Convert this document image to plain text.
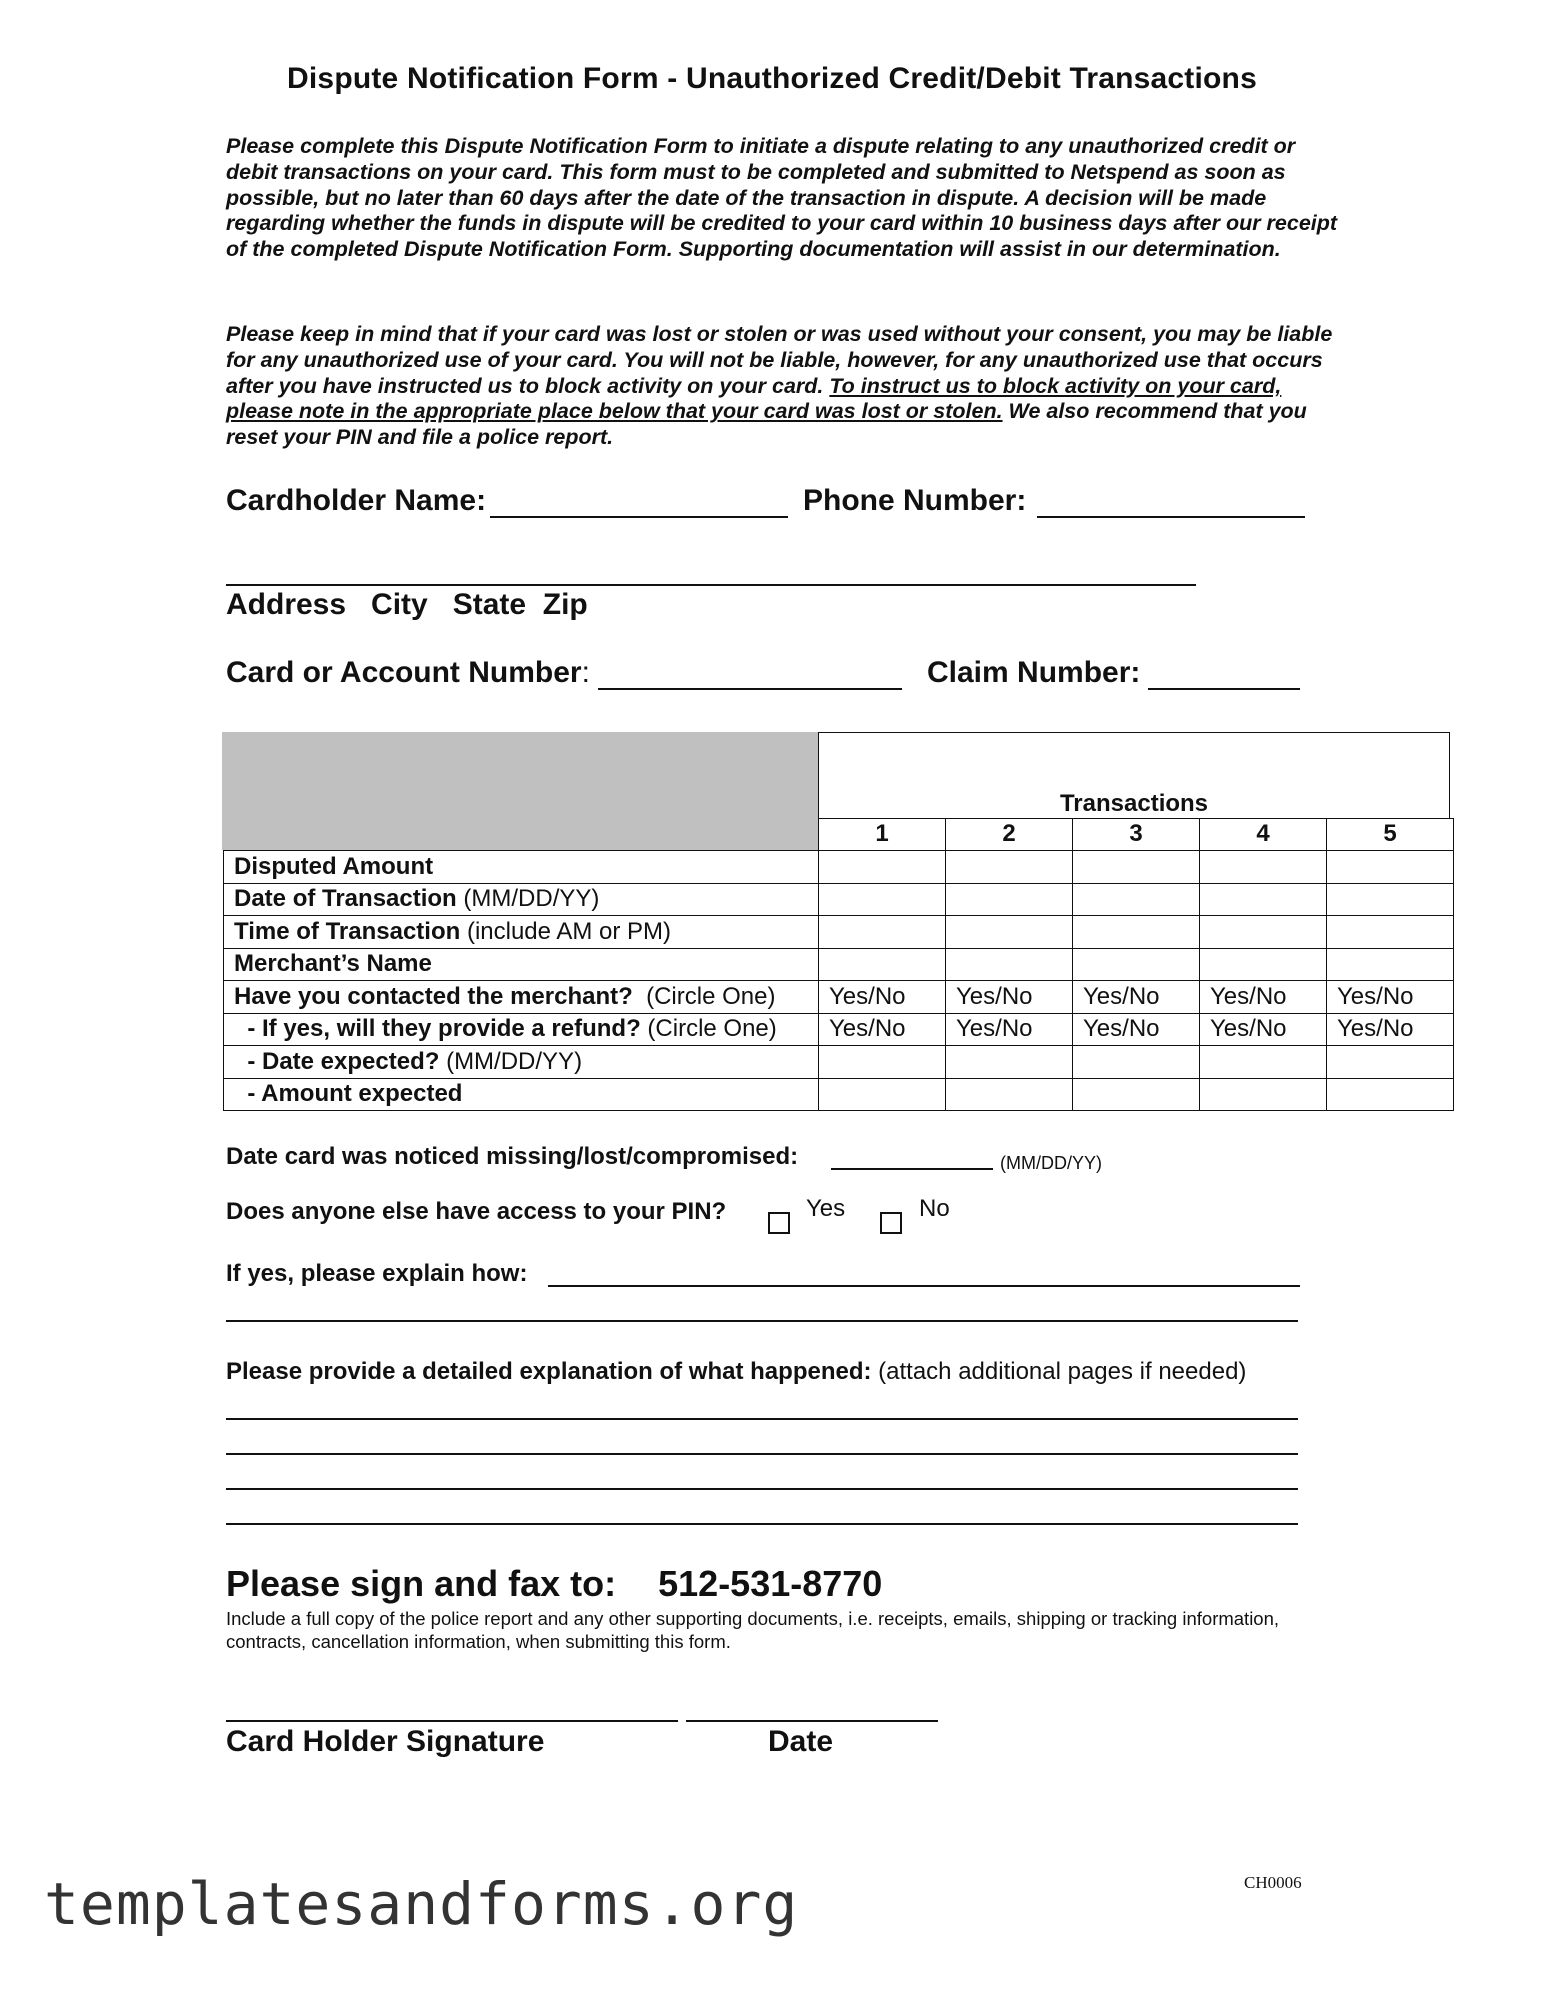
Dispute Notification Form - Unauthorized Credit/Debit Transactions
Please complete this Dispute Notification Form to initiate a dispute relating to any unauthorized credit or debit transactions on your card. This form must to be completed and submitted to Netspend as soon as possible, but no later than 60 days after the date of the transaction in dispute. A decision will be made regarding whether the funds in dispute will be credited to your card within 10 business days after our receipt of the completed Dispute Notification Form. Supporting documentation will assist in our determination.
Please keep in mind that if your card was lost or stolen or was used without your consent, you may be liable for any unauthorized use of your card. You will not be liable, however, for any unauthorized use that occurs after you have instructed us to block activity on your card. To instruct us to block activity on your card, please note in the appropriate place below that your card was lost or stolen. We also recommend that you reset your PIN and file a police report.
Cardholder Name:	Phone Number:
Address   City   State  Zip
Card or Account Number:	Claim Number:
Transactions

	1	2	3	4	5
Disputed Amount					
Date of Transaction (MM/DD/YY)					
Time of Transaction (include AM or PM)					
Merchant’s Name					
Have you contacted the merchant?  (Circle One)	Yes/No	Yes/No	Yes/No	Yes/No	Yes/No
- If yes, will they provide a refund? (Circle One)	Yes/No	Yes/No	Yes/No	Yes/No	Yes/No
- Date expected? (MM/DD/YY)					
- Amount expected					
Date card was noticed missing/lost/compromised:	(MM/DD/YY)
Does anyone else have access to your PIN?	Yes	No
If yes, please explain how:
Please provide a detailed explanation of what happened: (attach additional pages if needed)
Please sign and fax to: 512-531-8770
Include a full copy of the police report and any other supporting documents, i.e. receipts, emails, shipping or tracking information, contracts, cancellation information, when submitting this form.
Card Holder Signature	Date
CH0006
templatesandforms.org
